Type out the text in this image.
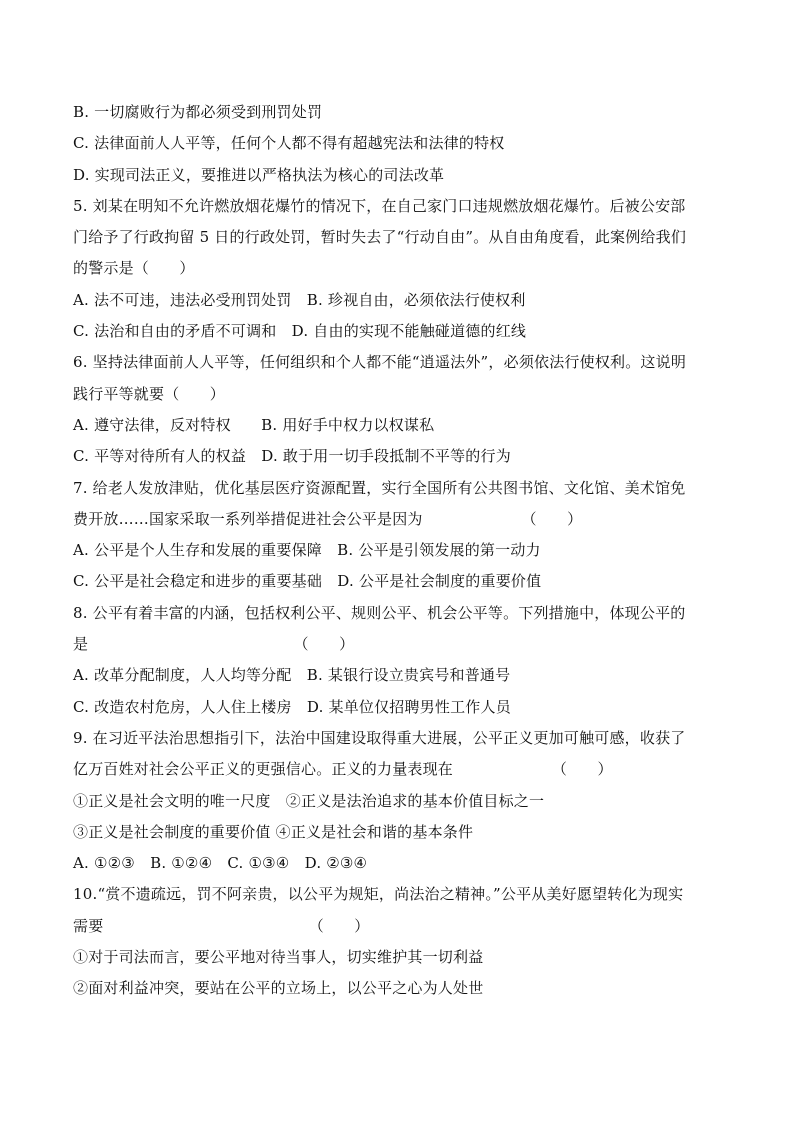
B. 一切腐败行为都必须受到刑罚处罚
C. 法律面前人人平等，任何个人都不得有超越宪法和法律的特权
D. 实现司法正义，要推进以严格执法为核心的司法改革
5. 刘某在明知不允许燃放烟花爆竹的情况下，在自己家门口违规燃放烟花爆竹。后被公安部
门给予了行政拘留 5 日的行政处罚，暂时失去了“行动自由”。从自由角度看，此案例给我们
的警示是（　　）
A. 法不可违，违法必受刑罚处罚　B. 珍视自由，必须依法行使权利
C. 法治和自由的矛盾不可调和　D. 自由的实现不能触碰道德的红线
6. 坚持法律面前人人平等，任何组织和个人都不能“逍遥法外”，必须依法行使权利。这说明
践行平等就要（　　）
A. 遵守法律，反对特权　　B. 用好手中权力以权谋私
C. 平等对待所有人的权益　D. 敢于用一切手段抵制不平等的行为
7. 给老人发放津贴，优化基层医疗资源配置，实行全国所有公共图书馆、文化馆、美术馆免
费开放……国家采取一系列举措促进社会公平是因为　　　　　　　（　　）
A. 公平是个人生存和发展的重要保障　B. 公平是引领发展的第一动力
C. 公平是社会稳定和进步的重要基础　D. 公平是社会制度的重要价值
8. 公平有着丰富的内涵，包括权利公平、规则公平、机会公平等。下列措施中，体现公平的
是　　　　　　　　　　　　　　（　　）
A. 改革分配制度，人人均等分配　B. 某银行设立贵宾号和普通号
C. 改造农村危房，人人住上楼房　D. 某单位仅招聘男性工作人员
9. 在习近平法治思想指引下，法治中国建设取得重大进展，公平正义更加可触可感，收获了
亿万百姓对社会公平正义的更强信心。正义的力量表现在　　　　　　　（　　）
①正义是社会文明的唯一尺度　②正义是法治追求的基本价值目标之一
③正义是社会制度的重要价值 ④正义是社会和谐的基本条件
A. ①②③　B. ①②④　C. ①③④　D. ②③④
10.“赏不遗疏远，罚不阿亲贵，以公平为规矩，尚法治之精神。”公平从美好愿望转化为现实
需要　　　　　　　　　　　　　　（　　）
①对于司法而言，要公平地对待当事人，切实维护其一切利益
②面对利益冲突，要站在公平的立场上，以公平之心为人处世
